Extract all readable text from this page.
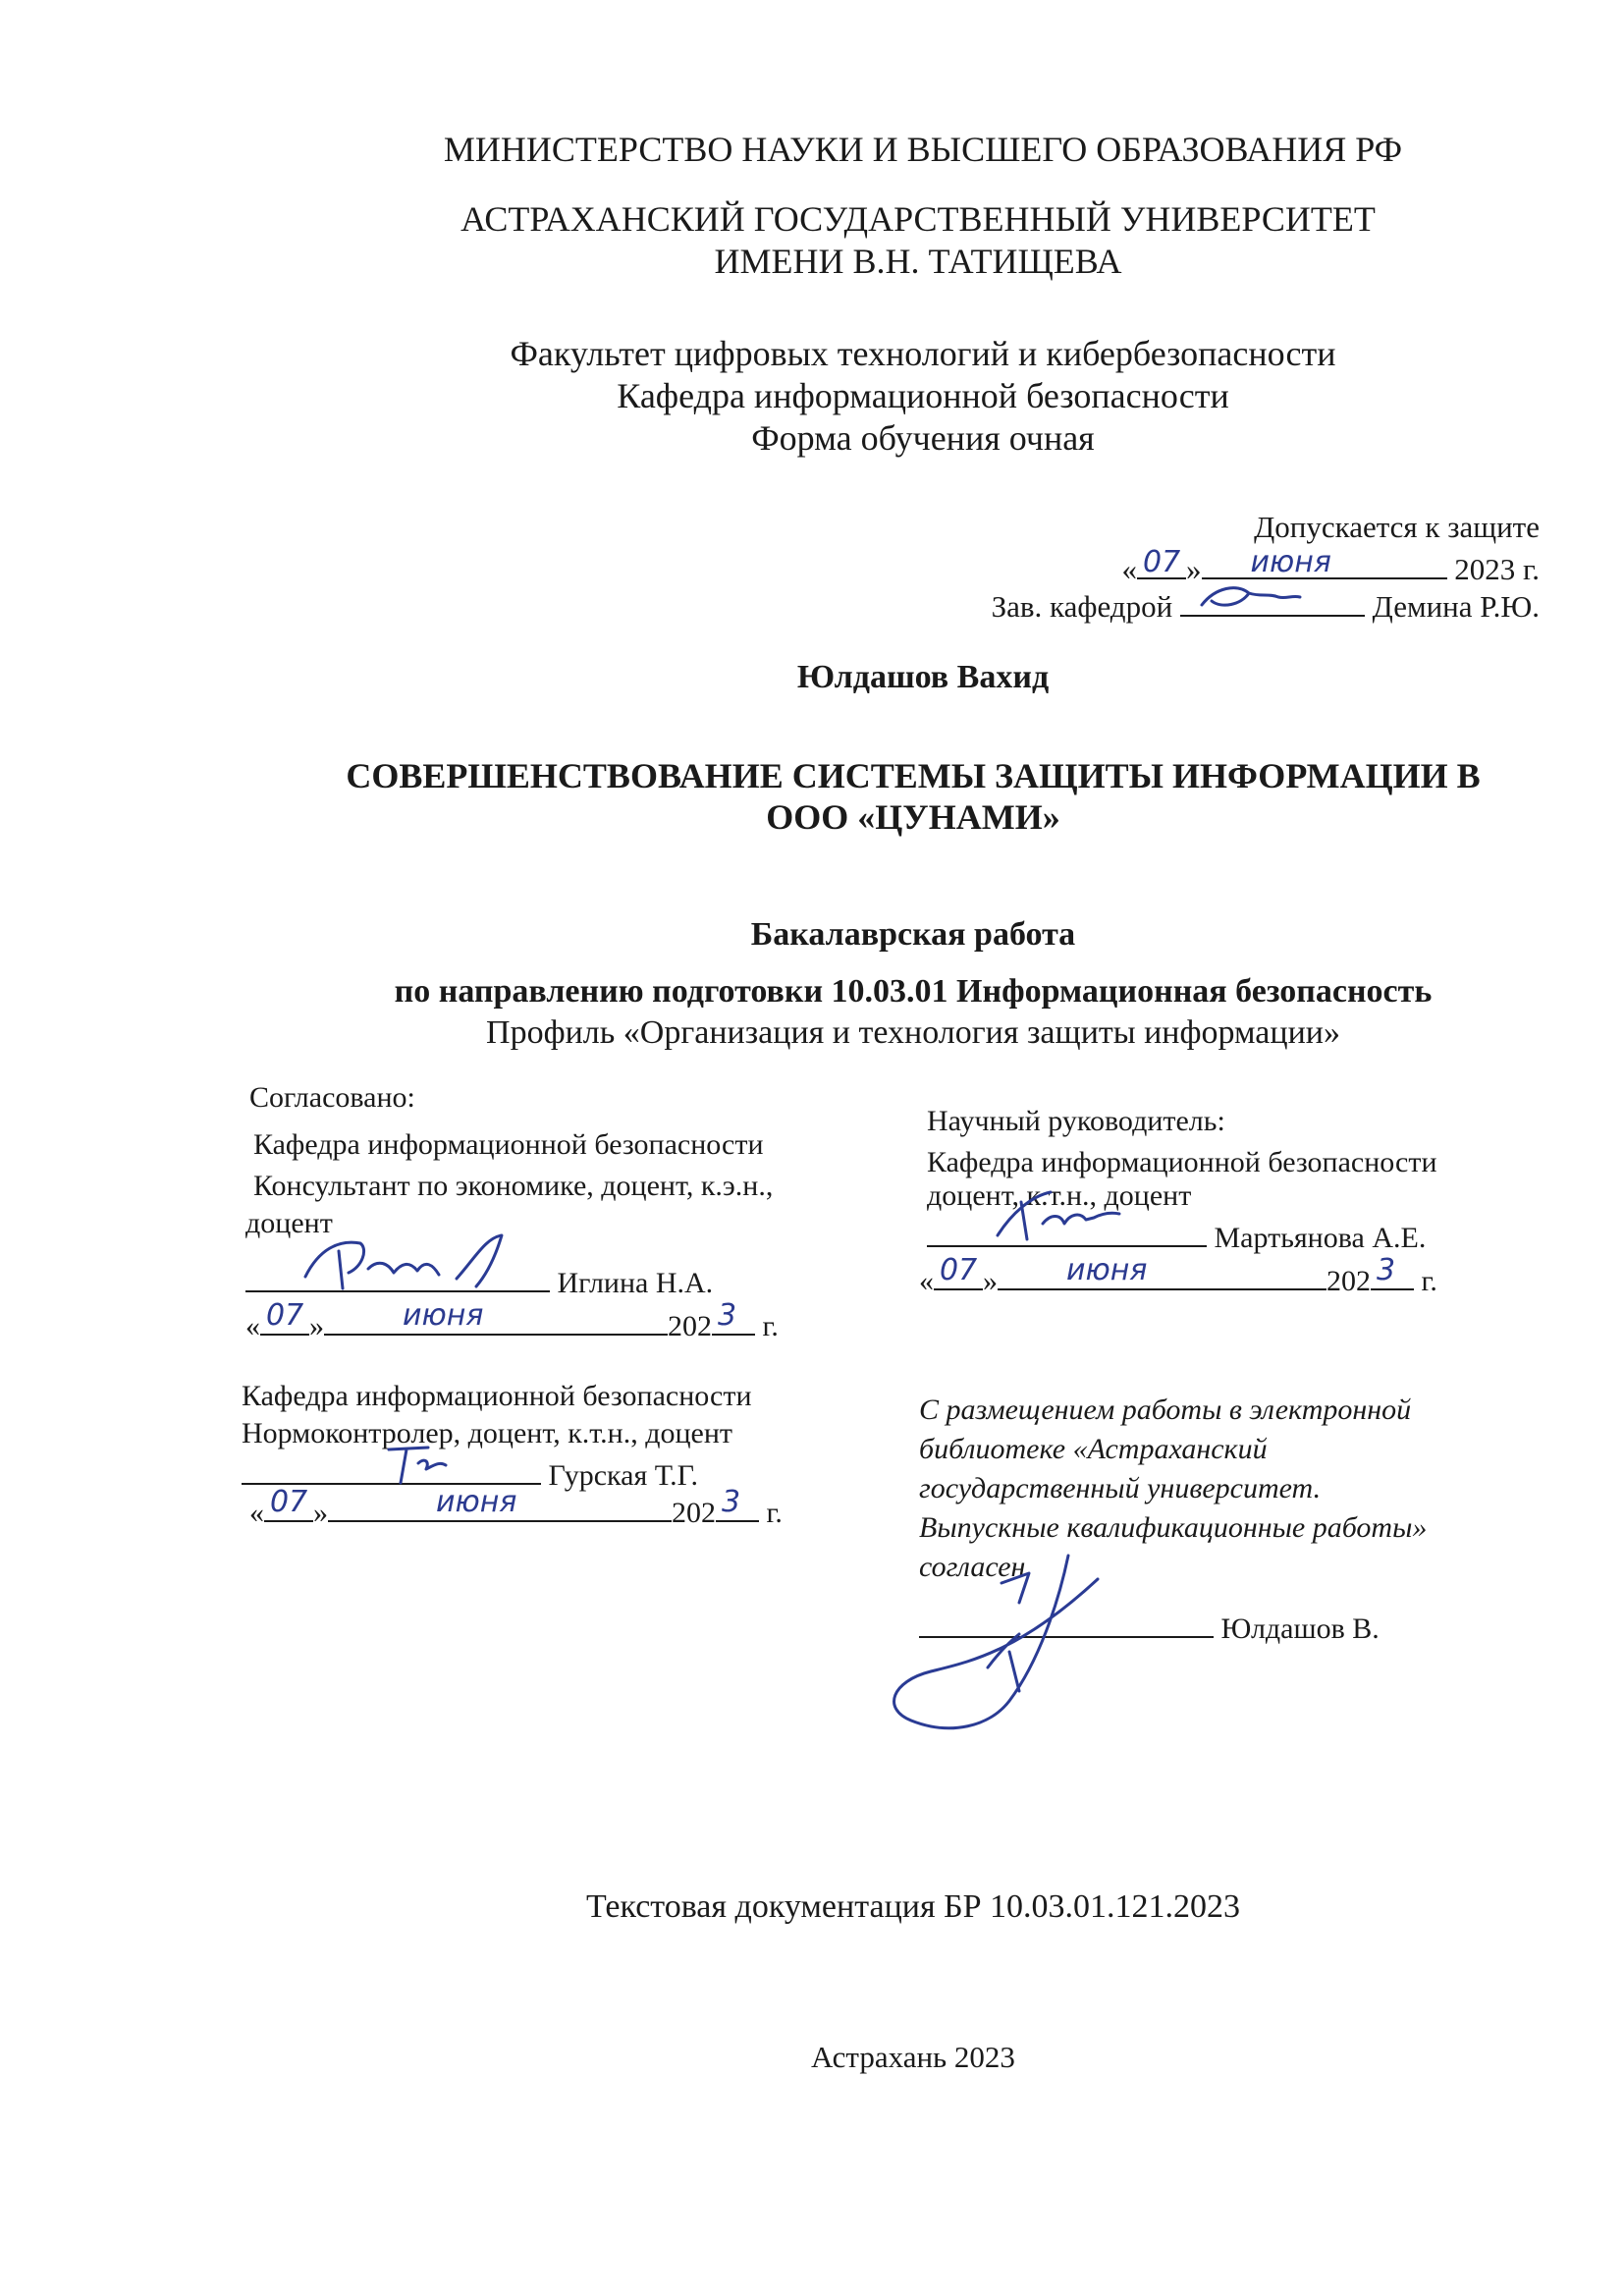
МИНИСТЕРСТВО НАУКИ И ВЫСШЕГО ОБРАЗОВАНИЯ РФ
АСТРАХАНСКИЙ ГОСУДАРСТВЕННЫЙ УНИВЕРСИТЕТ
ИМЕНИ В.Н. ТАТИЩЕВА
Факультет цифровых технологий и кибербезопасности
Кафедра информационной безопасности
Форма обучения очная
Допускается к защите
« 07 » июня	2023 г.
Зав. кафедрой	Демина Р.Ю.
Юлдашов Вахид
СОВЕРШЕНСТВОВАНИЕ СИСТЕМЫ ЗАЩИТЫ ИНФОРМАЦИИ В
ООО «ЦУНАМИ»
Бакалаврская работа
по направлению подготовки 10.03.01 Информационная безопасность
Профиль «Организация и технология защиты информации»
Согласовано:
Кафедра информационной безопасности
Консультант по экономике, доцент, к.э.н.,
доцент
Иглина Н.А.
« 07 »	июня	202 3 г.
Научный руководитель:
Кафедра информационной безопасности
доцент, к.т.н., доцент
Мартьянова А.Е.
« 07 » июня	202 3 г.
Кафедра информационной безопасности
Нормоконтролер, доцент, к.т.н., доцент
Гурская Т.Г.
« 07 »	июня	202 3 г.
С размещением работы в электронной
библиотеке «Астраханский
государственный университет.
Выпускные квалификационные работы»
согласен
Юлдашов В.
Текстовая документация БР 10.03.01.121.2023
Астрахань 2023
